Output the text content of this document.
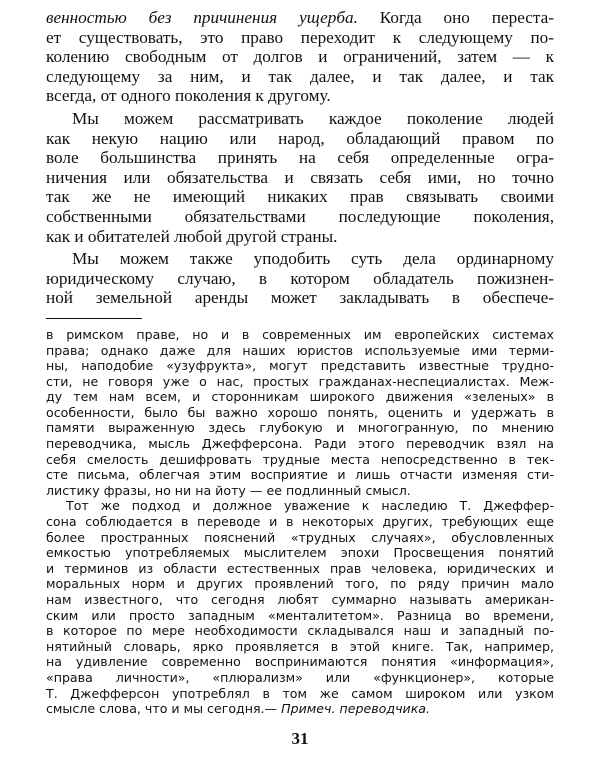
венностью без причинения ущерба. Когда оно переста-
ет существовать, это право переходит к следующему по-
колению свободным от долгов и ограничений, затем — к
следующему за ним, и так далее, и так далее, и так
всегда, от одного поколения к другому.
Мы можем рассматривать каждое поколение людей
как некую нацию или народ, обладающий правом по
воле большинства принять на себя определенные огра-
ничения или обязательства и связать себя ими, но точно
так же не имеющий никаких прав связывать своими
собственными обязательствами последующие поколения,
как и обитателей любой другой страны.
Мы можем также уподобить суть дела ординарному
юридическому случаю, в котором обладатель пожизнен-
ной земельной аренды может закладывать в обеспече-
в римском праве, но и в современных им европейских системах
права; однако даже для наших юристов используемые ими терми-
ны, наподобие «узуфрукта», могут представить известные трудно-
сти, не говоря уже о нас, простых гражданах-неспециалистах. Меж-
ду тем нам всем, и сторонникам широкого движения «зеленых» в
особенности, было бы важно хорошо понять, оценить и удержать в
памяти выраженную здесь глубокую и многогранную, по мнению
переводчика, мысль Джефферсона. Ради этого переводчик взял на
себя смелость дешифровать трудные места непосредственно в тек-
сте письма, облегчая этим восприятие и лишь отчасти изменяя сти-
листику фразы, но ни на йоту — ее подлинный смысл.
Тот же подход и должное уважение к наследию Т. Джеффер-
сона соблюдается в переводе и в некоторых других, требующих еще
более пространных пояснений «трудных случаях», обусловленных
емкостью употребляемых мыслителем эпохи Просвещения понятий
и терминов из области естественных прав человека, юридических и
моральных норм и других проявлений того, по ряду причин мало
нам известного, что сегодня любят суммарно называть американ-
ским или просто западным «менталитетом». Разница во времени,
в которое по мере необходимости складывался наш и западный по-
нятийный словарь, ярко проявляется в этой книге. Так, например,
на удивление современно воспринимаются понятия «информация»,
«права личности», «плюрализм» или «функционер», которые
Т. Джефферсон употреблял в том же самом широком или узком
смысле слова, что и мы сегодня.— Примеч. переводчика.
31
